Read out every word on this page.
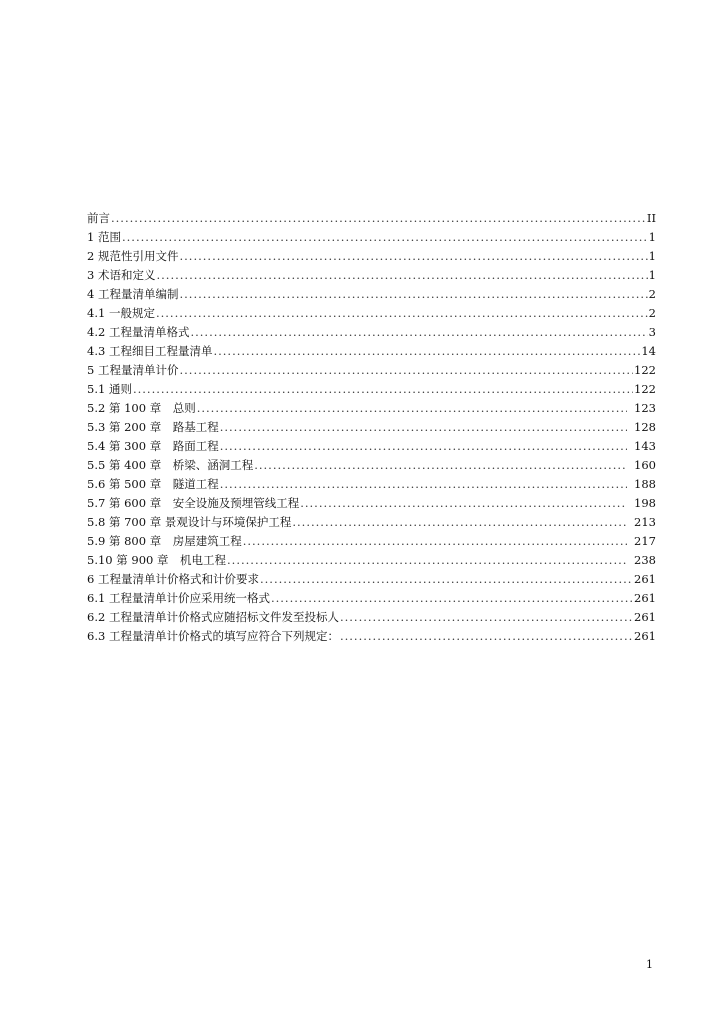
前言 .....	II
1 范围 .....	1
2 规范性引用文件 .....	1
3 术语和定义 .....	1
4 工程量清单编制 .....	2
4.1 一般规定 .....	2
4.2 工程量清单格式 .....	3
4.3 工程细目工程量清单 .....	14
5 工程量清单计价 .....	122
5.1 通则 .....	122
5.2 第 100 章　总则 .....	123
5.3 第 200 章　路基工程 .....	128
5.4 第 300 章　路面工程 .....	143
5.5 第 400 章　桥梁、涵洞工程 .....	160
5.6 第 500 章　隧道工程 .....	188
5.7 第 600 章　安全设施及预埋管线工程 .....	198
5.8 第 700 章 景观设计与环境保护工程 .....	213
5.9 第 800 章　房屋建筑工程 .....	217
5.10 第 900 章　机电工程 .....	238
6 工程量清单计价格式和计价要求 .....	261
6.1 工程量清单计价应采用统一格式 .....	261
6.2 工程量清单计价格式应随招标文件发至投标人 .....	261
6.3 工程量清单计价格式的填写应符合下列规定： .....	261
1
